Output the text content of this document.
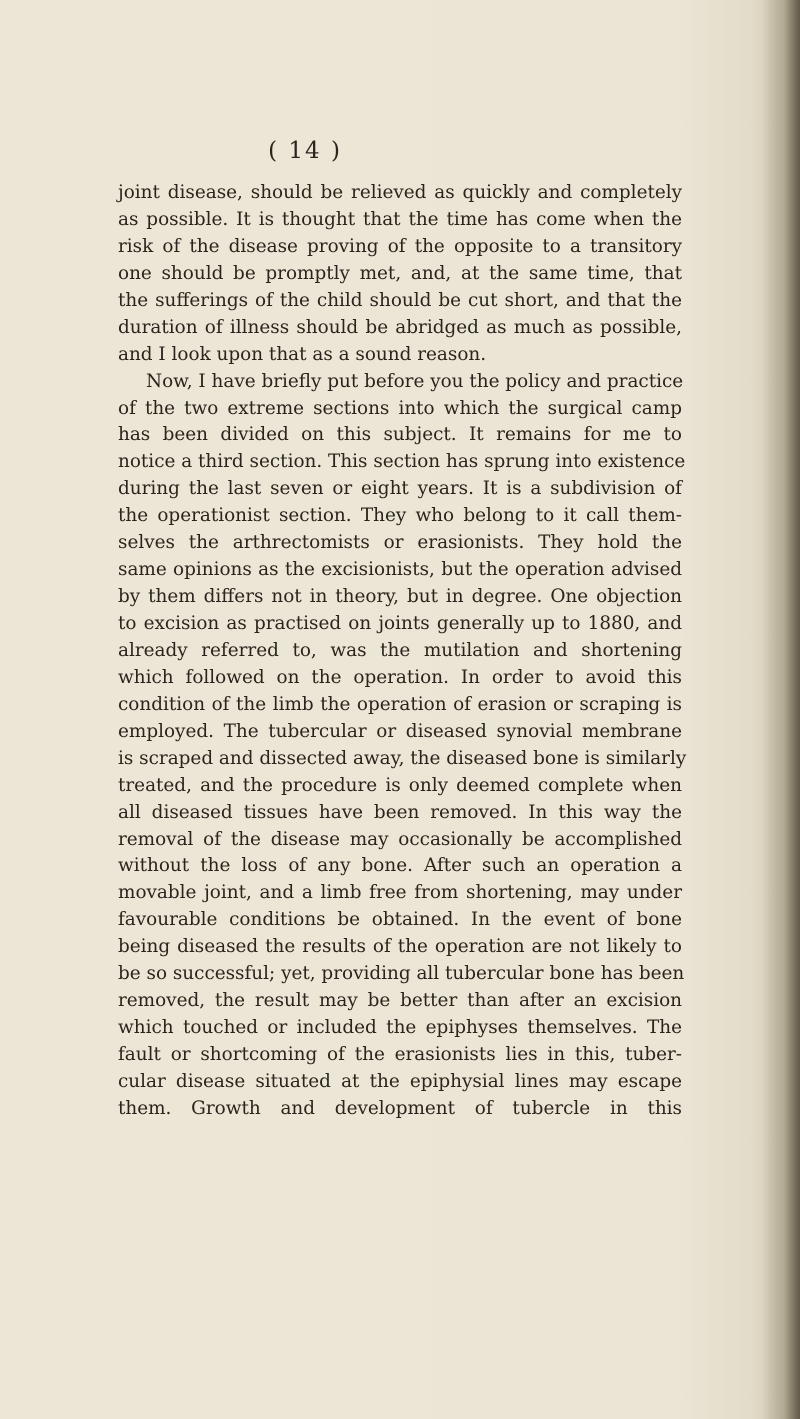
( 14 )
joint disease, should be relieved as quickly and completely
as possible. It is thought that the time has come when the
risk of the disease proving of the opposite to a transitory
one should be promptly met, and, at the same time, that
the sufferings of the child should be cut short, and that the
duration of illness should be abridged as much as possible,
and I look upon that as a sound reason.
Now, I have briefly put before you the policy and practice
of the two extreme sections into which the surgical camp
has been divided on this subject. It remains for me to
notice a third section. This section has sprung into existence
during the last seven or eight years. It is a subdivision of
the operationist section. They who belong to it call them-
selves the arthrectomists or erasionists. They hold the
same opinions as the excisionists, but the operation advised
by them differs not in theory, but in degree. One objection
to excision as practised on joints generally up to 1880, and
already referred to, was the mutilation and shortening
which followed on the operation. In order to avoid this
condition of the limb the operation of erasion or scraping is
employed. The tubercular or diseased synovial membrane
is scraped and dissected away, the diseased bone is similarly
treated, and the procedure is only deemed complete when
all diseased tissues have been removed. In this way the
removal of the disease may occasionally be accomplished
without the loss of any bone. After such an operation a
movable joint, and a limb free from shortening, may under
favourable conditions be obtained. In the event of bone
being diseased the results of the operation are not likely to
be so successful; yet, providing all tubercular bone has been
removed, the result may be better than after an excision
which touched or included the epiphyses themselves. The
fault or shortcoming of the erasionists lies in this, tuber-
cular disease situated at the epiphysial lines may escape
them. Growth and development of tubercle in this
